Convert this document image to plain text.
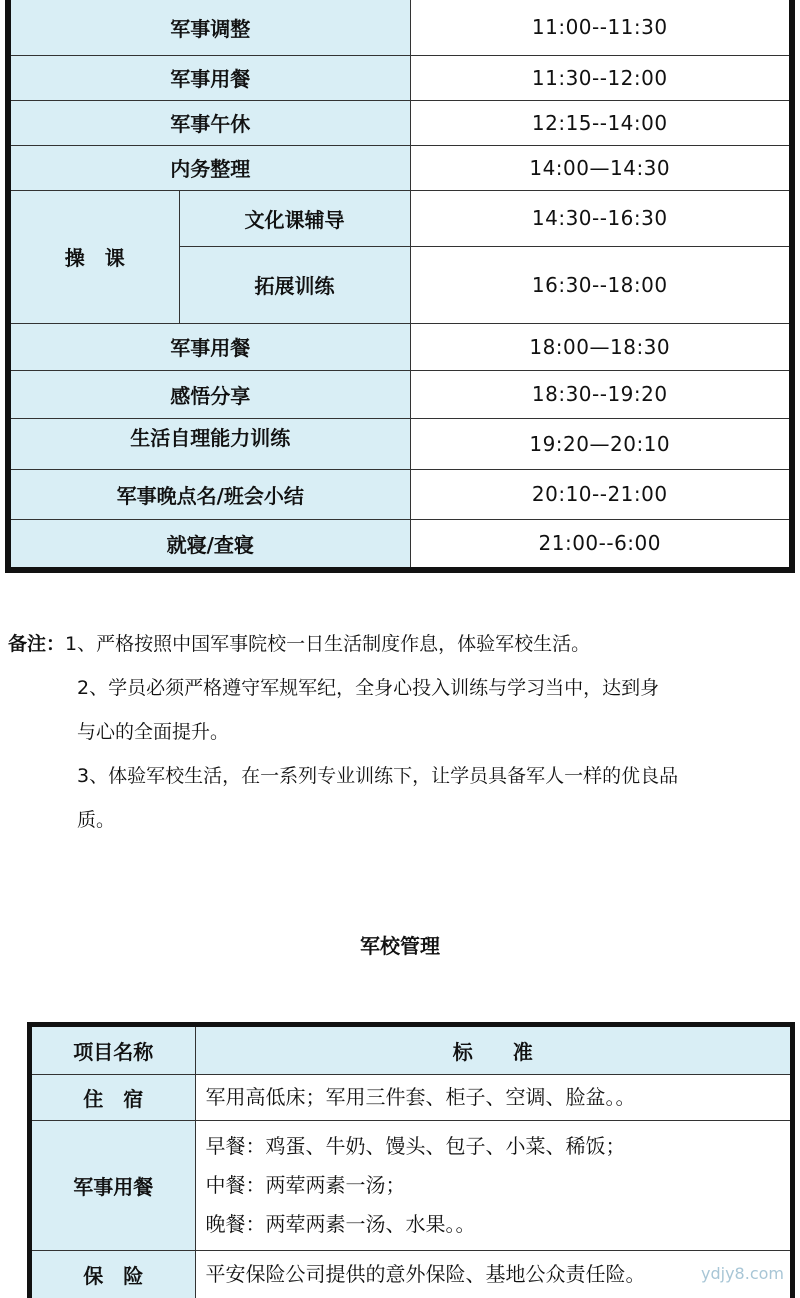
军事调整		11:00--11:30
军事用餐		11:30--12:00
军事午休		12:15--14:00
内务整理		14:00—14:30
操　课	文化课辅导	14:30--16:30
	拓展训练	16:30--18:00
军事用餐		18:00—18:30
感悟分享		18:30--19:20
生活自理能力训练		19:20—20:10
军事晚点名/班会小结		20:10--21:00
就寝/查寝		21:00--6:00
备注：1、严格按照中国军事院校一日生活制度作息，体验军校生活。
2、学员必须严格遵守军规军纪，全身心投入训练与学习当中，达到身
与心的全面提升。
3、体验军校生活，在一系列专业训练下，让学员具备军人一样的优良品
质。
军校管理
项目名称	标　　准
住　宿	军用高低床；军用三件套、柜子、空调、脸盆。。

军事用餐	早餐：鸡蛋、牛奶、馒头、包子、小菜、稀饭；
中餐：两荤两素一汤；
晚餐：两荤两素一汤、水果。。

保　险	平安保险公司提供的意外保险、基地公众责任险。	ydjy8.com
